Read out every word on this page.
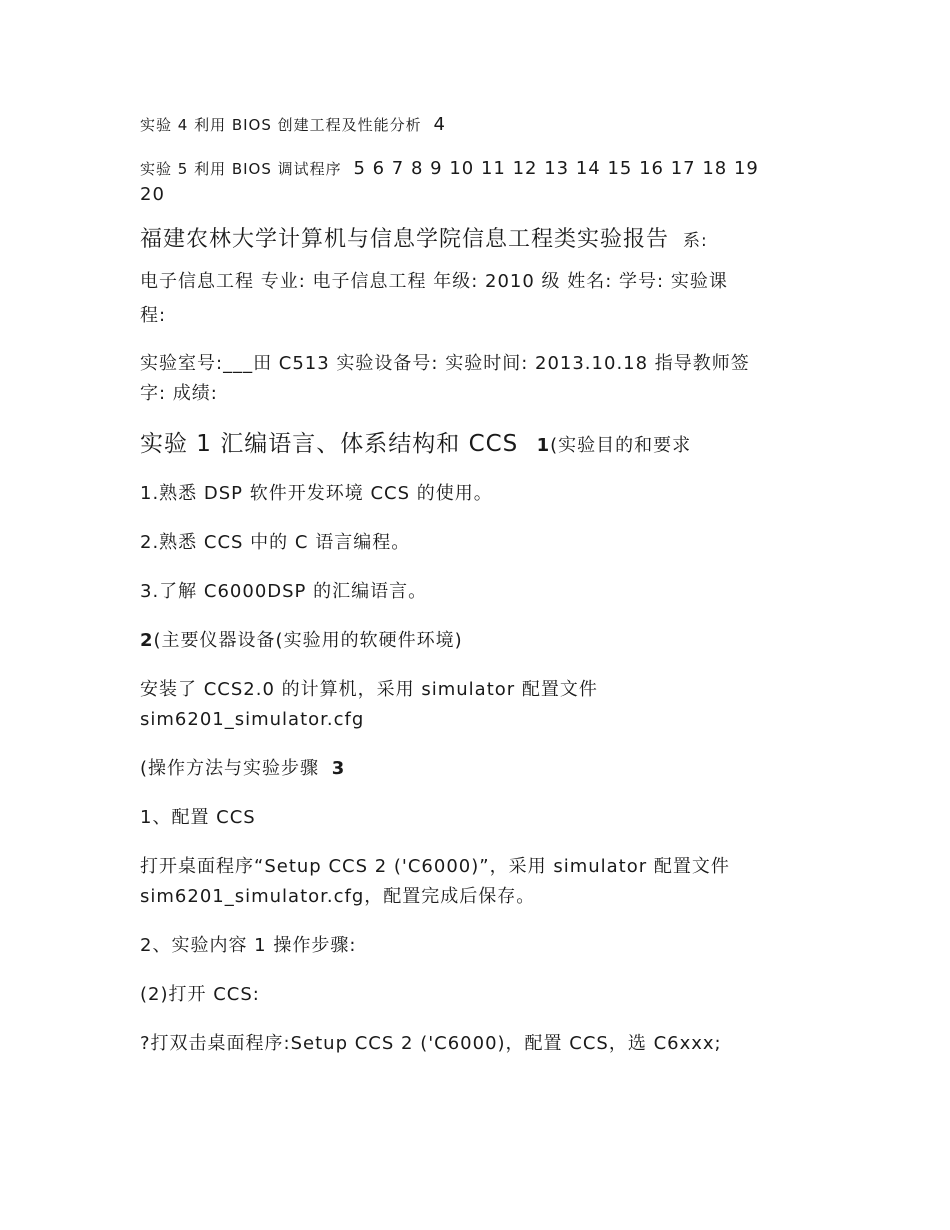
实验 4 利用 BIOS 创建工程及性能分析 4

实验 5 利用 BIOS 调试程序 5 6 7 8 9 10 11 12 13 14 15 16 17 18 19

20

福建农林大学计算机与信息学院信息工程类实验报告 系:

电子信息工程 专业: 电子信息工程 年级: 2010 级 姓名: 学号: 实验课

程:

实验室号:___田 C513 实验设备号: 实验时间: 2013.10.18 指导教师签

字: 成绩:

实验 1 汇编语言、体系结构和 CCS 1(实验目的和要求

1.熟悉 DSP 软件开发环境 CCS 的使用。

2.熟悉 CCS 中的 C 语言编程。

3.了解 C6000DSP 的汇编语言。

2(主要仪器设备(实验用的软硬件环境)

安装了 CCS2.0 的计算机，采用 simulator 配置文件

sim6201_simulator.cfg

(操作方法与实验步骤 3

1、配置 CCS

打开桌面程序“Setup CCS 2 ('C6000)”，采用 simulator 配置文件

sim6201_simulator.cfg，配置完成后保存。

2、实验内容 1 操作步骤:

(2)打开 CCS:

?打双击桌面程序:Setup CCS 2 ('C6000)，配置 CCS，选 C6xxx;
